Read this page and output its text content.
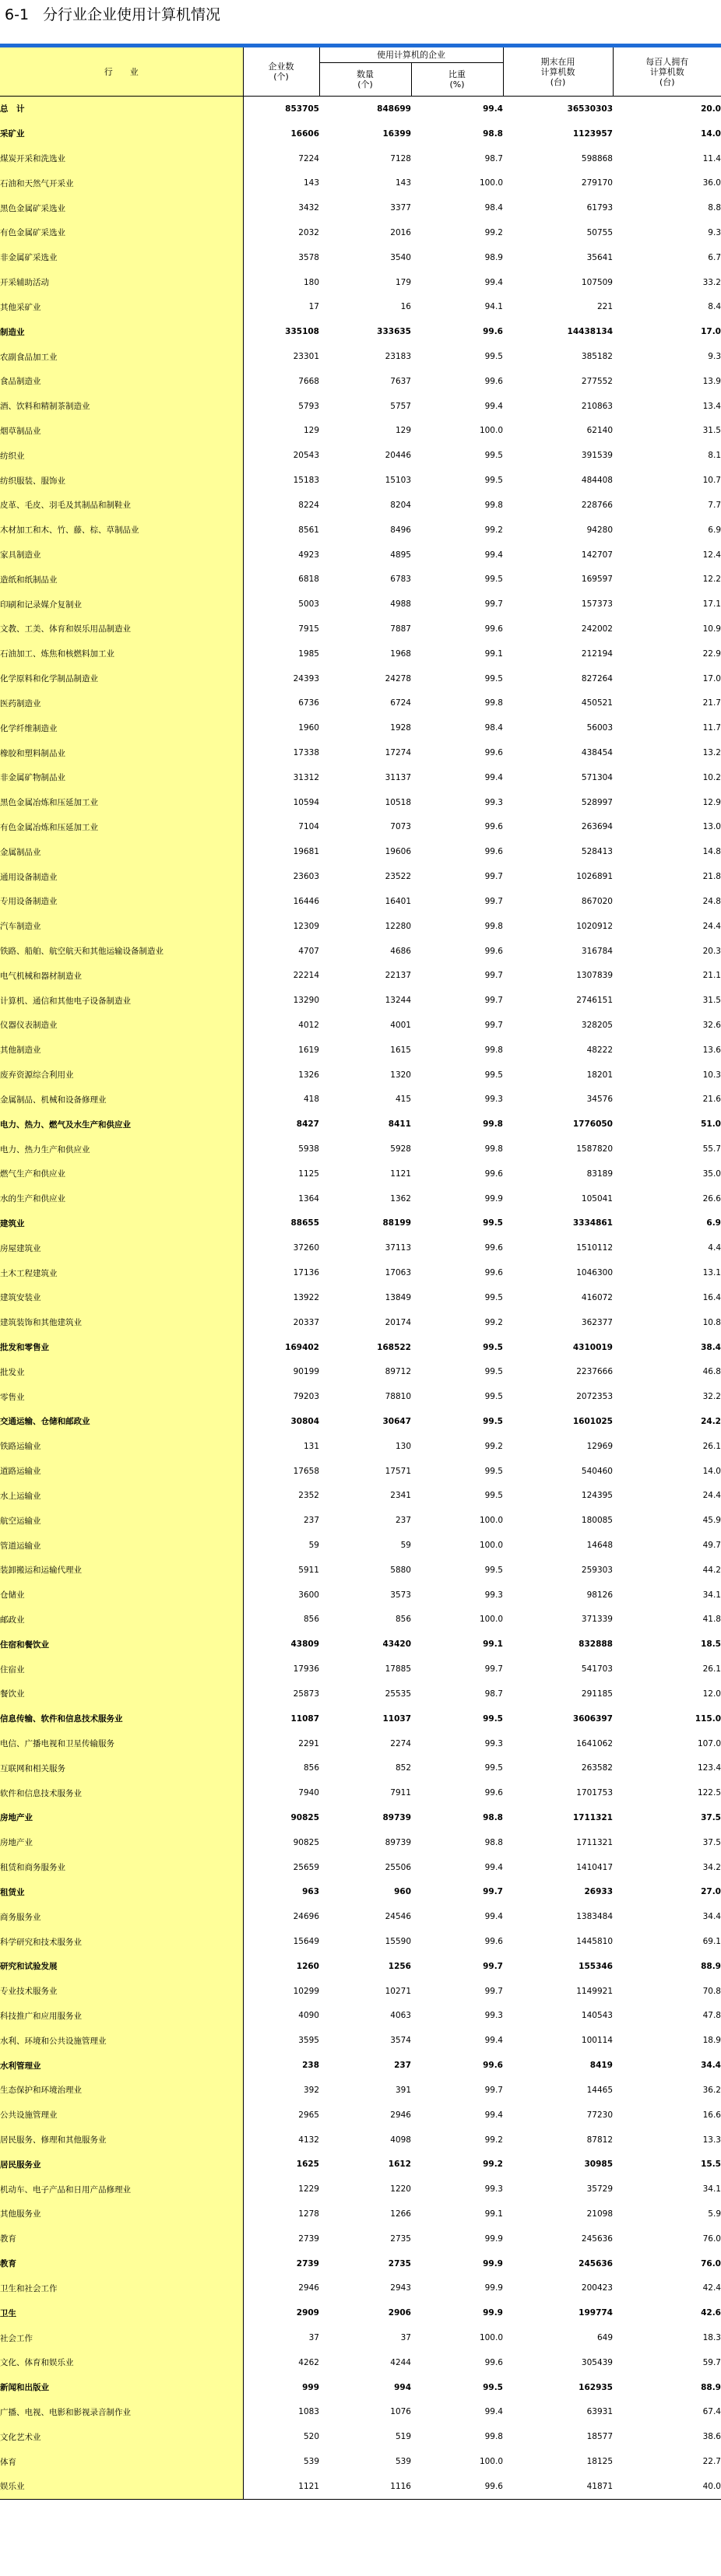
6-1 分行业企业使用计算机情况
行　　业	企业数
(个)	使用计算机的企业		期末在用
计算机数
(台)	每百人拥有
计算机数
(台)
		数量
(个)	比重
(%)		
总　计	853705	848699	99.4	36530303	20.0
采矿业	16606	16399	98.8	1123957	14.0
煤炭开采和洗选业	7224	7128	98.7	598868	11.4
石油和天然气开采业	143	143	100.0	279170	36.0
黑色金属矿采选业	3432	3377	98.4	61793	8.8
有色金属矿采选业	2032	2016	99.2	50755	9.3
非金属矿采选业	3578	3540	98.9	35641	6.7
开采辅助活动	180	179	99.4	107509	33.2
其他采矿业	17	16	94.1	221	8.4
制造业	335108	333635	99.6	14438134	17.0
农副食品加工业	23301	23183	99.5	385182	9.3
食品制造业	7668	7637	99.6	277552	13.9
酒、饮料和精制茶制造业	5793	5757	99.4	210863	13.4
烟草制品业	129	129	100.0	62140	31.5
纺织业	20543	20446	99.5	391539	8.1
纺织服装、服饰业	15183	15103	99.5	484408	10.7
皮革、毛皮、羽毛及其制品和制鞋业	8224	8204	99.8	228766	7.7
木材加工和木、竹、藤、棕、草制品业	8561	8496	99.2	94280	6.9
家具制造业	4923	4895	99.4	142707	12.4
造纸和纸制品业	6818	6783	99.5	169597	12.2
印刷和记录媒介复制业	5003	4988	99.7	157373	17.1
文教、工美、体育和娱乐用品制造业	7915	7887	99.6	242002	10.9
石油加工、炼焦和核燃料加工业	1985	1968	99.1	212194	22.9
化学原料和化学制品制造业	24393	24278	99.5	827264	17.0
医药制造业	6736	6724	99.8	450521	21.7
化学纤维制造业	1960	1928	98.4	56003	11.7
橡胶和塑料制品业	17338	17274	99.6	438454	13.2
非金属矿物制品业	31312	31137	99.4	571304	10.2
黑色金属冶炼和压延加工业	10594	10518	99.3	528997	12.9
有色金属冶炼和压延加工业	7104	7073	99.6	263694	13.0
金属制品业	19681	19606	99.6	528413	14.8
通用设备制造业	23603	23522	99.7	1026891	21.8
专用设备制造业	16446	16401	99.7	867020	24.8
汽车制造业	12309	12280	99.8	1020912	24.4
铁路、船舶、航空航天和其他运输设备制造业	4707	4686	99.6	316784	20.3
电气机械和器材制造业	22214	22137	99.7	1307839	21.1
计算机、通信和其他电子设备制造业	13290	13244	99.7	2746151	31.5
仪器仪表制造业	4012	4001	99.7	328205	32.6
其他制造业	1619	1615	99.8	48222	13.6
废弃资源综合利用业	1326	1320	99.5	18201	10.3
金属制品、机械和设备修理业	418	415	99.3	34576	21.6
电力、热力、燃气及水生产和供应业	8427	8411	99.8	1776050	51.0
电力、热力生产和供应业	5938	5928	99.8	1587820	55.7
燃气生产和供应业	1125	1121	99.6	83189	35.0
水的生产和供应业	1364	1362	99.9	105041	26.6
建筑业	88655	88199	99.5	3334861	6.9
房屋建筑业	37260	37113	99.6	1510112	4.4
土木工程建筑业	17136	17063	99.6	1046300	13.1
建筑安装业	13922	13849	99.5	416072	16.4
建筑装饰和其他建筑业	20337	20174	99.2	362377	10.8
批发和零售业	169402	168522	99.5	4310019	38.4
批发业	90199	89712	99.5	2237666	46.8
零售业	79203	78810	99.5	2072353	32.2
交通运输、仓储和邮政业	30804	30647	99.5	1601025	24.2
铁路运输业	131	130	99.2	12969	26.1
道路运输业	17658	17571	99.5	540460	14.0
水上运输业	2352	2341	99.5	124395	24.4
航空运输业	237	237	100.0	180085	45.9
管道运输业	59	59	100.0	14648	49.7
装卸搬运和运输代理业	5911	5880	99.5	259303	44.2
仓储业	3600	3573	99.3	98126	34.1
邮政业	856	856	100.0	371339	41.8
住宿和餐饮业	43809	43420	99.1	832888	18.5
住宿业	17936	17885	99.7	541703	26.1
餐饮业	25873	25535	98.7	291185	12.0
信息传输、软件和信息技术服务业	11087	11037	99.5	3606397	115.0
电信、广播电视和卫星传输服务	2291	2274	99.3	1641062	107.0
互联网和相关服务	856	852	99.5	263582	123.4
软件和信息技术服务业	7940	7911	99.6	1701753	122.5
房地产业	90825	89739	98.8	1711321	37.5
房地产业	90825	89739	98.8	1711321	37.5
租赁和商务服务业	25659	25506	99.4	1410417	34.2
租赁业	963	960	99.7	26933	27.0
商务服务业	24696	24546	99.4	1383484	34.4
科学研究和技术服务业	15649	15590	99.6	1445810	69.1
研究和试验发展	1260	1256	99.7	155346	88.9
专业技术服务业	10299	10271	99.7	1149921	70.8
科技推广和应用服务业	4090	4063	99.3	140543	47.8
水利、环境和公共设施管理业	3595	3574	99.4	100114	18.9
水利管理业	238	237	99.6	8419	34.4
生态保护和环境治理业	392	391	99.7	14465	36.2
公共设施管理业	2965	2946	99.4	77230	16.6
居民服务、修理和其他服务业	4132	4098	99.2	87812	13.3
居民服务业	1625	1612	99.2	30985	15.5
机动车、电子产品和日用产品修理业	1229	1220	99.3	35729	34.1
其他服务业	1278	1266	99.1	21098	5.9
教育	2739	2735	99.9	245636	76.0
教育	2739	2735	99.9	245636	76.0
卫生和社会工作	2946	2943	99.9	200423	42.4
卫生	2909	2906	99.9	199774	42.6
社会工作	37	37	100.0	649	18.3
文化、体育和娱乐业	4262	4244	99.6	305439	59.7
新闻和出版业	999	994	99.5	162935	88.9
广播、电视、电影和影视录音制作业	1083	1076	99.4	63931	67.4
文化艺术业	520	519	99.8	18577	38.6
体育	539	539	100.0	18125	22.7
娱乐业	1121	1116	99.6	41871	40.0
